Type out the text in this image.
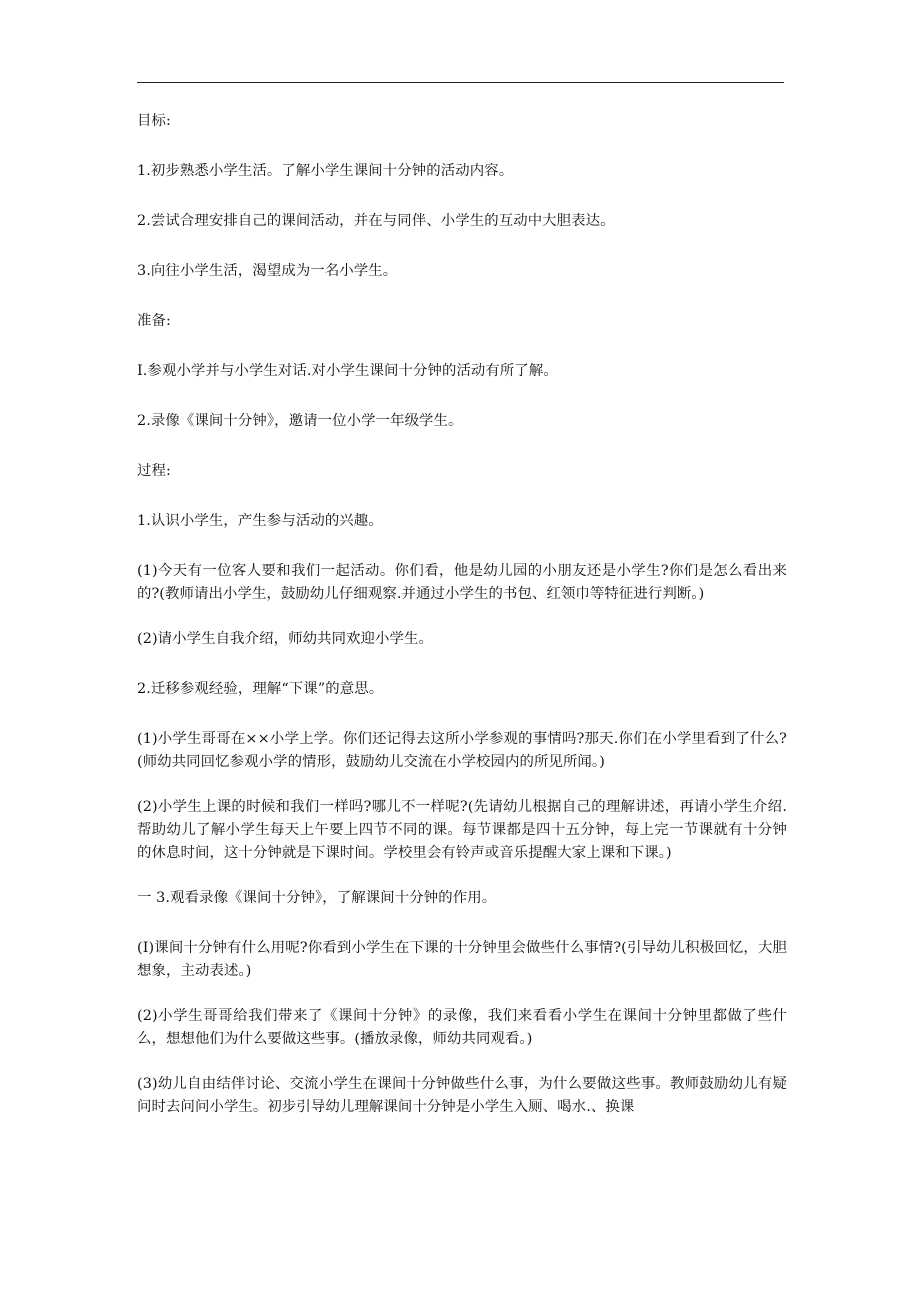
目标:

1.初步熟悉小学生活。了解小学生课间十分钟的活动内容。

2.尝试合理安排自己的课间活动，并在与同伴、小学生的互动中大胆表达。

3.向往小学生活，渴望成为一名小学生。

准备:

I.参观小学并与小学生对话.对小学生课间十分钟的活动有所了解。

2.录像《课间十分钟》，邀请一位小学一年级学生。

过程:

1.认识小学生，产生参与活动的兴趣。

(1)今天有一位客人要和我们一起活动。你们看，他是幼儿园的小朋友还是小学生?你们是怎么看出来的?(教师请出小学生，鼓励幼儿仔细观察.并通过小学生的书包、红领巾等特征进行判断。)

(2)请小学生自我介绍，师幼共同欢迎小学生。

2.迁移参观经验，理解“下课”的意思。

(1)小学生哥哥在××小学上学。你们还记得去这所小学参观的事情吗?那天.你们在小学里看到了什么?(师幼共同回忆参观小学的情形，鼓励幼儿交流在小学校园内的所见所闻。)

(2)小学生上课的时候和我们一样吗?哪儿不一样呢?(先请幼儿根据自己的理解讲述，再请小学生介绍.帮助幼儿了解小学生每天上午要上四节不同的课。每节课都是四十五分钟，每上完一节课就有十分钟的休息时间，这十分钟就是下课时间。学校里会有铃声或音乐提醒大家上课和下课。)

一 3.观看录像《课间十分钟》，了解课间十分钟的作用。

(I)课间十分钟有什么用呢?你看到小学生在下课的十分钟里会做些什么事情?(引导幼儿积极回忆，大胆想象，主动表述。)

(2)小学生哥哥给我们带来了《课间十分钟》的录像，我们来看看小学生在课间十分钟里都做了些什么，想想他们为什么要做这些事。(播放录像，师幼共同观看。)

(3)幼儿自由结伴讨论、交流小学生在课间十分钟做些什么事，为什么要做这些事。教师鼓励幼儿有疑问时去问问小学生。初步引导幼儿理解课间十分钟是小学生入厕、喝水.、换课
